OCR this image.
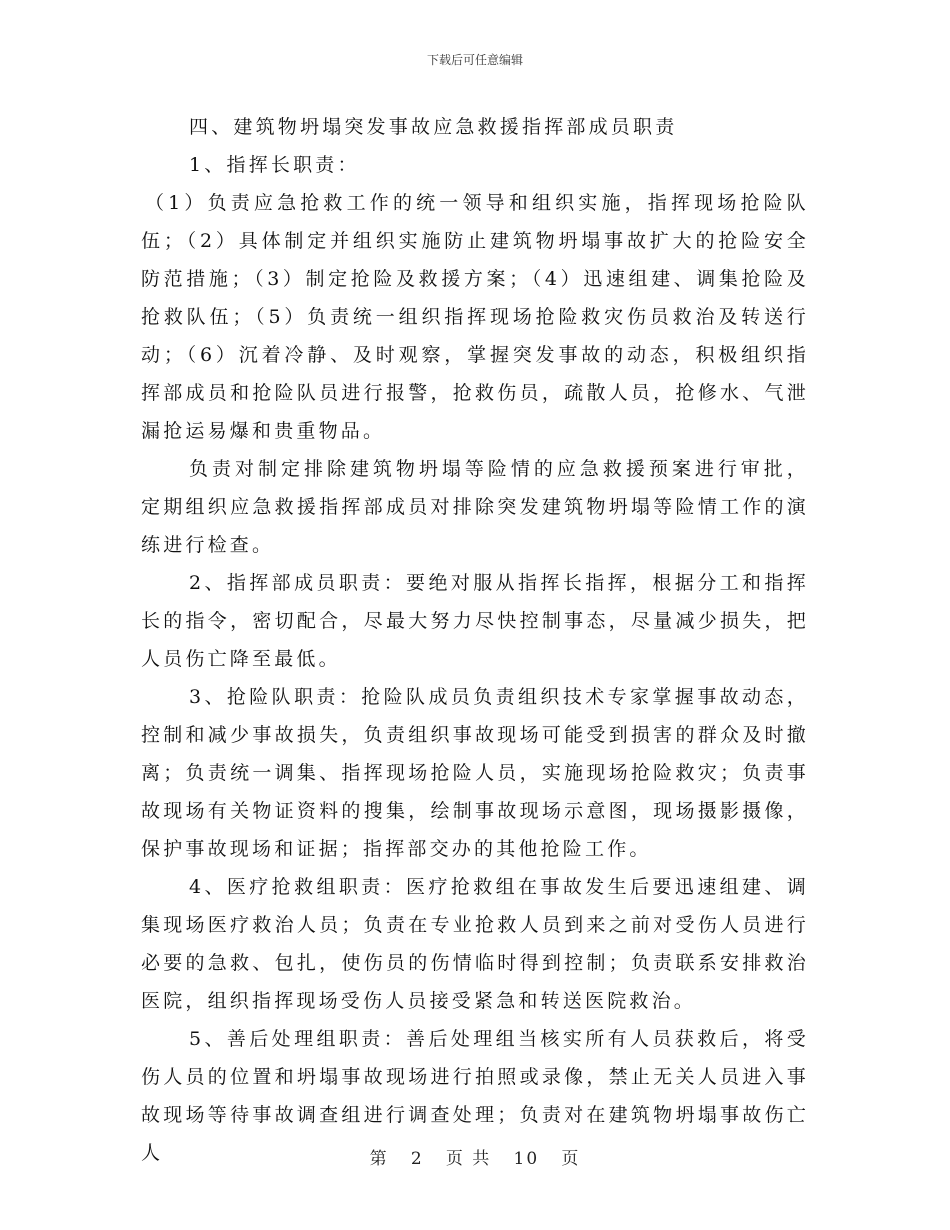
下载后可任意编辑

四、建筑物坍塌突发事故应急救援指挥部成员职责

1、指挥长职责：

（1）负责应急抢救工作的统一领导和组织实施，指挥现场抢险队伍；（2）具体制定并组织实施防止建筑物坍塌事故扩大的抢险安全防范措施；（3）制定抢险及救援方案；（4）迅速组建、调集抢险及抢救队伍；（5）负责统一组织指挥现场抢险救灾伤员救治及转送行动；（6）沉着冷静、及时观察，掌握突发事故的动态，积极组织指挥部成员和抢险队员进行报警，抢救伤员，疏散人员，抢修水、气泄漏抢运易爆和贵重物品。

负责对制定排除建筑物坍塌等险情的应急救援预案进行审批，定期组织应急救援指挥部成员对排除突发建筑物坍塌等险情工作的演练进行检查。

2、指挥部成员职责：要绝对服从指挥长指挥，根据分工和指挥长的指令，密切配合，尽最大努力尽快控制事态，尽量减少损失，把人员伤亡降至最低。

3、抢险队职责：抢险队成员负责组织技术专家掌握事故动态，控制和减少事故损失，负责组织事故现场可能受到损害的群众及时撤离；负责统一调集、指挥现场抢险人员，实施现场抢险救灾；负责事故现场有关物证资料的搜集，绘制事故现场示意图，现场摄影摄像，保护事故现场和证据；指挥部交办的其他抢险工作。

4、医疗抢救组职责：医疗抢救组在事故发生后要迅速组建、调集现场医疗救治人员；负责在专业抢救人员到来之前对受伤人员进行必要的急救、包扎，使伤员的伤情临时得到控制；负责联系安排救治医院，组织指挥现场受伤人员接受紧急和转送医院救治。

5、善后处理组职责：善后处理组当核实所有人员获救后，将受伤人员的位置和坍塌事故现场进行拍照或录像，禁止无关人员进入事故现场等待事故调查组进行调查处理；负责对在建筑物坍塌事故伤亡人	第 2 页 共 10 页
